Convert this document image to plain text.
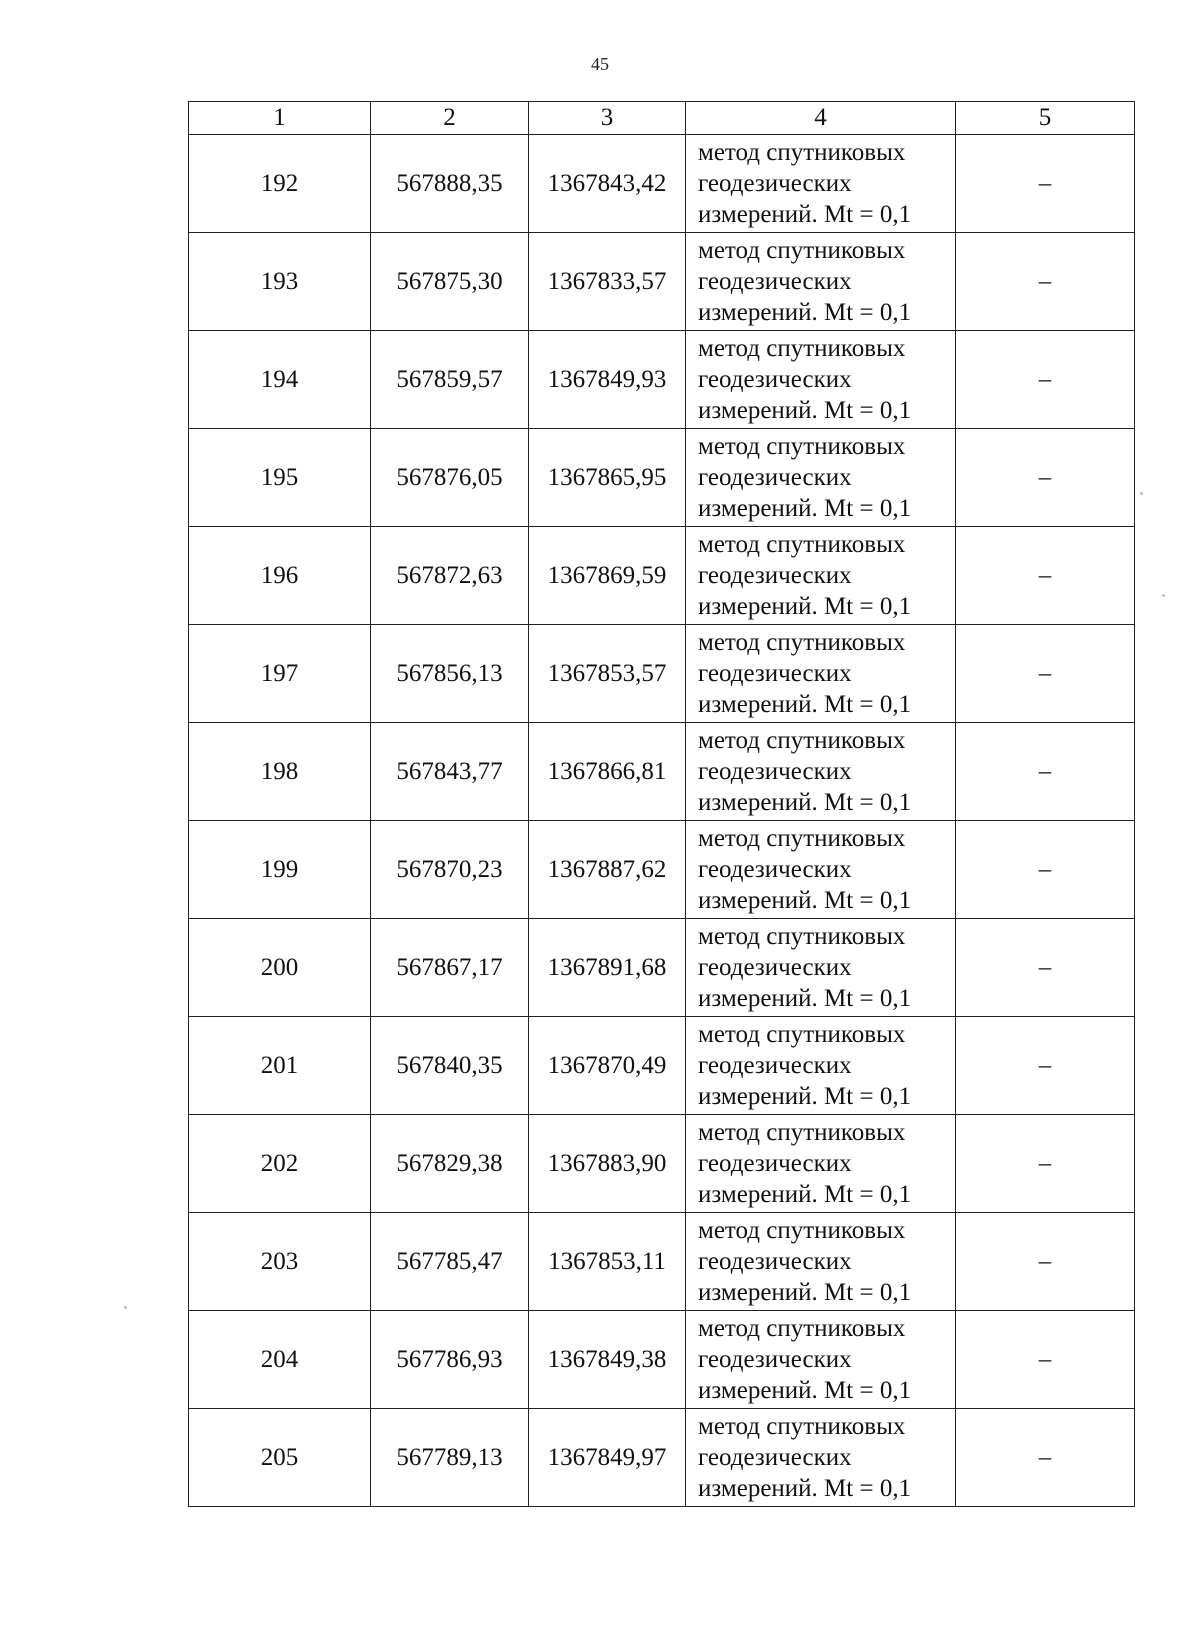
45
1	2	3	4	5
192	567888,35	1367843,42	метод спутниковых
геодезических
измерений. Mt = 0,1	–
193	567875,30	1367833,57	метод спутниковых
геодезических
измерений. Mt = 0,1	–
194	567859,57	1367849,93	метод спутниковых
геодезических
измерений. Mt = 0,1	–
195	567876,05	1367865,95	метод спутниковых
геодезических
измерений. Mt = 0,1	–
196	567872,63	1367869,59	метод спутниковых
геодезических
измерений. Mt = 0,1	–
197	567856,13	1367853,57	метод спутниковых
геодезических
измерений. Mt = 0,1	–
198	567843,77	1367866,81	метод спутниковых
геодезических
измерений. Mt = 0,1	–
199	567870,23	1367887,62	метод спутниковых
геодезических
измерений. Mt = 0,1	–
200	567867,17	1367891,68	метод спутниковых
геодезических
измерений. Mt = 0,1	–
201	567840,35	1367870,49	метод спутниковых
геодезических
измерений. Mt = 0,1	–
202	567829,38	1367883,90	метод спутниковых
геодезических
измерений. Mt = 0,1	–
203	567785,47	1367853,11	метод спутниковых
геодезических
измерений. Mt = 0,1	–
204	567786,93	1367849,38	метод спутниковых
геодезических
измерений. Mt = 0,1	–
205	567789,13	1367849,97	метод спутниковых
геодезических
измерений. Mt = 0,1	–
